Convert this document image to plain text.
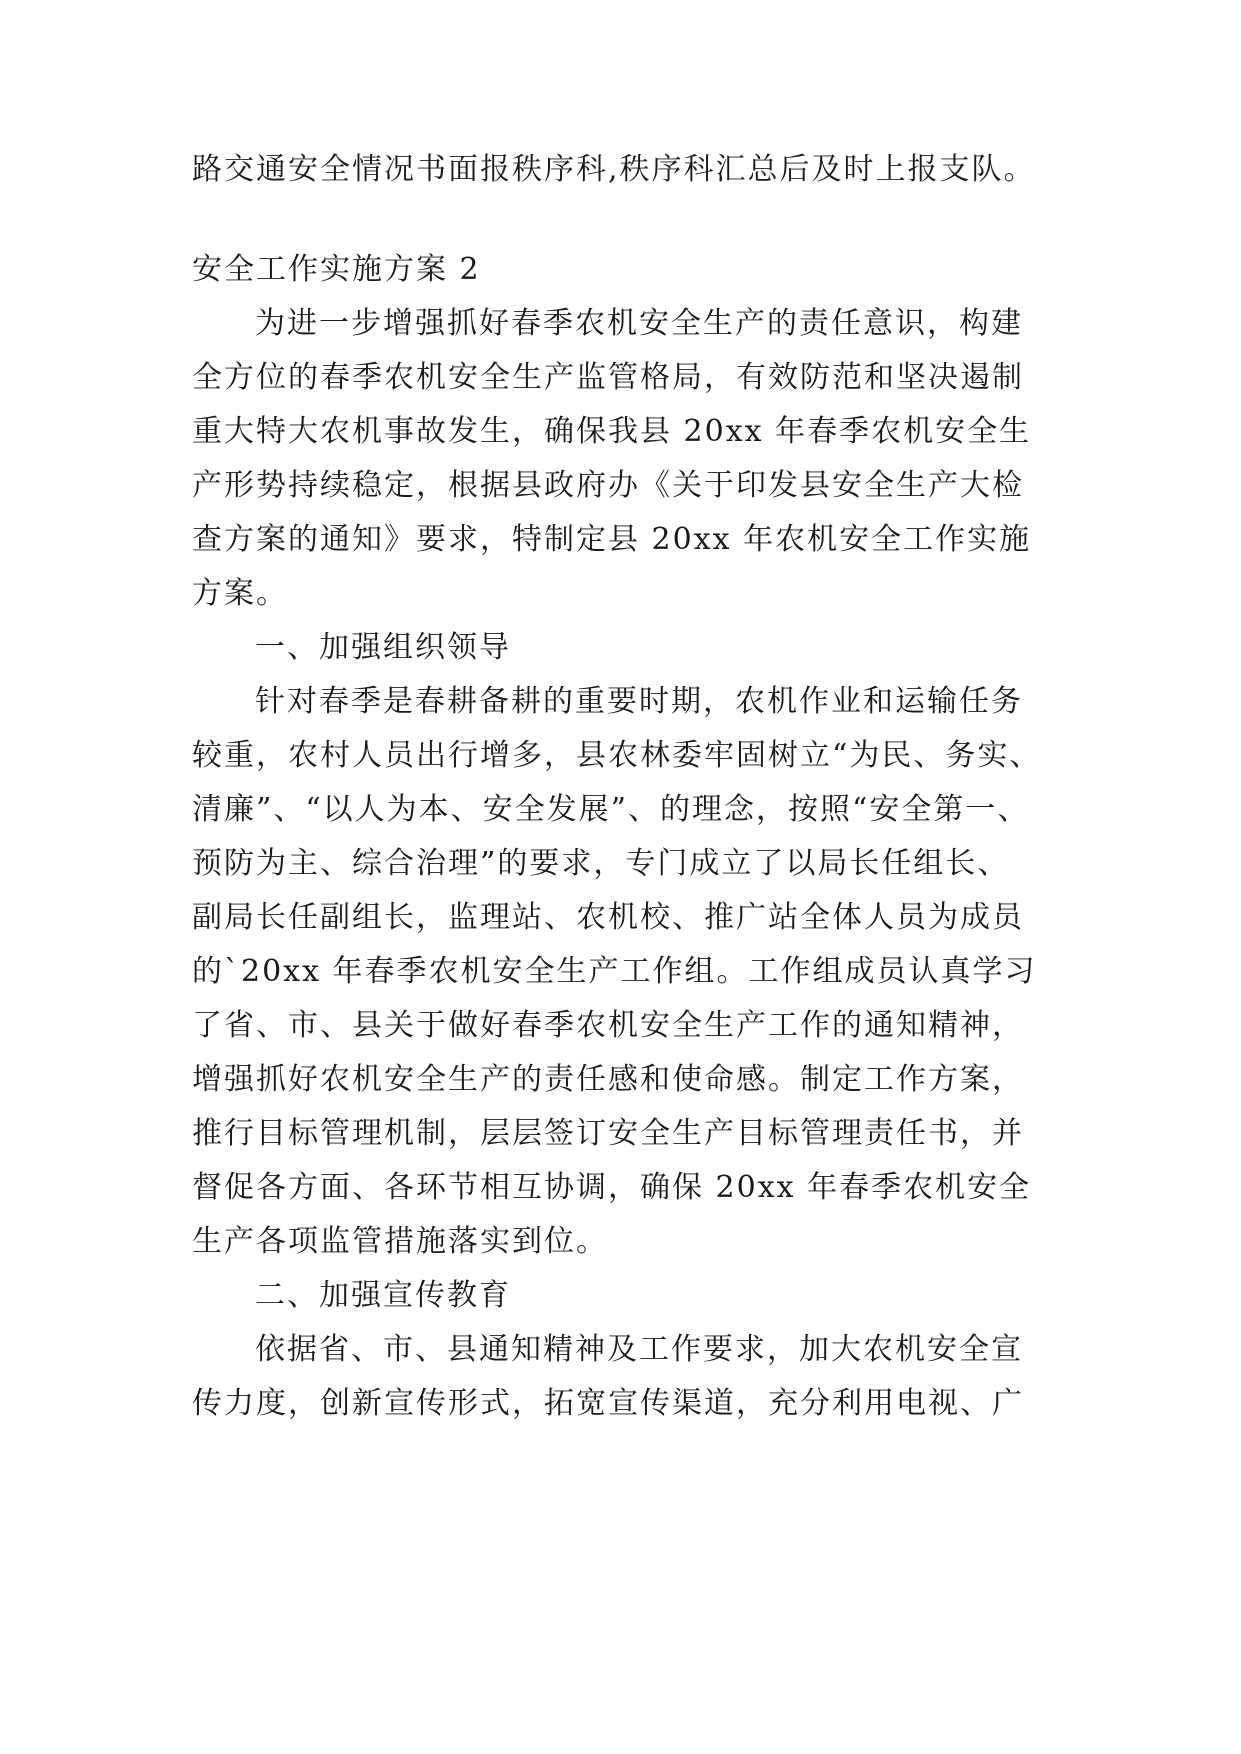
路交通安全情况书面报秩序科,秩序科汇总后及时上报支队。
安全工作实施方案 2
为进一步增强抓好春季农机安全生产的责任意识，构建
全方位的春季农机安全生产监管格局，有效防范和坚决遏制
重大特大农机事故发生，确保我县 20xx 年春季农机安全生
产形势持续稳定，根据县政府办《关于印发县安全生产大检
查方案的通知》要求，特制定县 20xx 年农机安全工作实施
方案。
一、加强组织领导
针对春季是春耕备耕的重要时期，农机作业和运输任务
较重，农村人员出行增多，县农林委牢固树立“为民、务实、
清廉”、“以人为本、安全发展”、的理念，按照“安全第一、
预防为主、综合治理”的要求，专门成立了以局长任组长、
副局长任副组长，监理站、农机校、推广站全体人员为成员
的`20xx 年春季农机安全生产工作组。工作组成员认真学习
了省、市、县关于做好春季农机安全生产工作的通知精神，
增强抓好农机安全生产的责任感和使命感。制定工作方案，
推行目标管理机制，层层签订安全生产目标管理责任书，并
督促各方面、各环节相互协调，确保 20xx 年春季农机安全
生产各项监管措施落实到位。
二、加强宣传教育
依据省、市、县通知精神及工作要求，加大农机安全宣
传力度，创新宣传形式，拓宽宣传渠道，充分利用电视、广
